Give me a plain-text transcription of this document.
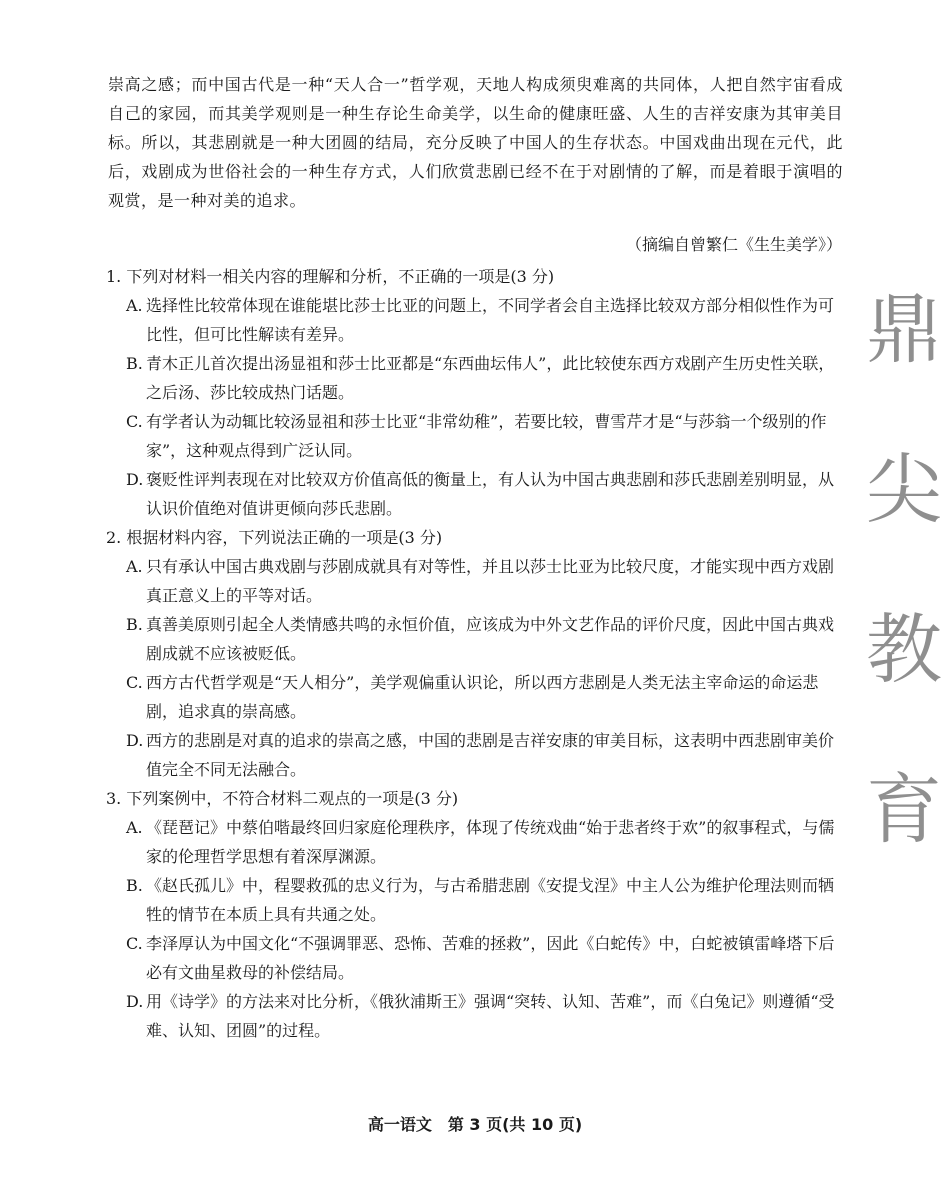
崇高之感；而中国古代是一种“天人合一”哲学观，天地人构成须臾难离的共同体，人把自然宇宙看成自己的家园，而其美学观则是一种生存论生命美学，以生命的健康旺盛、人生的吉祥安康为其审美目标。所以，其悲剧就是一种大团圆的结局，充分反映了中国人的生存状态。中国戏曲出现在元代，此后，戏剧成为世俗社会的一种生存方式，人们欣赏悲剧已经不在于对剧情的了解，而是着眼于演唱的观赏，是一种对美的追求。

（摘编自曾繁仁《生生美学》）

1. 下列对材料一相关内容的理解和分析，不正确的一项是(3 分)

A. 选择性比较常体现在谁能堪比莎士比亚的问题上，不同学者会自主选择比较双方部分相似性作为可比性，但可比性解读有差异。
B. 青木正儿首次提出汤显祖和莎士比亚都是“东西曲坛伟人”，此比较使东西方戏剧产生历史性关联，之后汤、莎比较成热门话题。
C. 有学者认为动辄比较汤显祖和莎士比亚“非常幼稚”，若要比较，曹雪芹才是“与莎翁一个级别的作家”，这种观点得到广泛认同。
D. 褒贬性评判表现在对比较双方价值高低的衡量上，有人认为中国古典悲剧和莎氏悲剧差别明显，从认识价值绝对值讲更倾向莎氏悲剧。

2. 根据材料内容，下列说法正确的一项是(3 分)

A. 只有承认中国古典戏剧与莎剧成就具有对等性，并且以莎士比亚为比较尺度，才能实现中西方戏剧真正意义上的平等对话。
B. 真善美原则引起全人类情感共鸣的永恒价值，应该成为中外文艺作品的评价尺度，因此中国古典戏剧成就不应该被贬低。
C. 西方古代哲学观是“天人相分”，美学观偏重认识论，所以西方悲剧是人类无法主宰命运的命运悲剧，追求真的崇高感。
D. 西方的悲剧是对真的追求的崇高之感，中国的悲剧是吉祥安康的审美目标，这表明中西悲剧审美价值完全不同无法融合。

3. 下列案例中，不符合材料二观点的一项是(3 分)

A. 《琵琶记》中蔡伯喈最终回归家庭伦理秩序，体现了传统戏曲“始于悲者终于欢”的叙事程式，与儒家的伦理哲学思想有着深厚渊源。
B. 《赵氏孤儿》中，程婴救孤的忠义行为，与古希腊悲剧《安提戈涅》中主人公为维护伦理法则而牺牲的情节在本质上具有共通之处。
C. 李泽厚认为中国文化“不强调罪恶、恐怖、苦难的拯救”，因此《白蛇传》中，白蛇被镇雷峰塔下后必有文曲星救母的补偿结局。
D. 用《诗学》的方法来对比分析，《俄狄浦斯王》强调“突转、认知、苦难”，而《白兔记》则遵循“受难、认知、团圆”的过程。
鼎
尖
教
育
高一语文　第 3 页(共 10 页)
